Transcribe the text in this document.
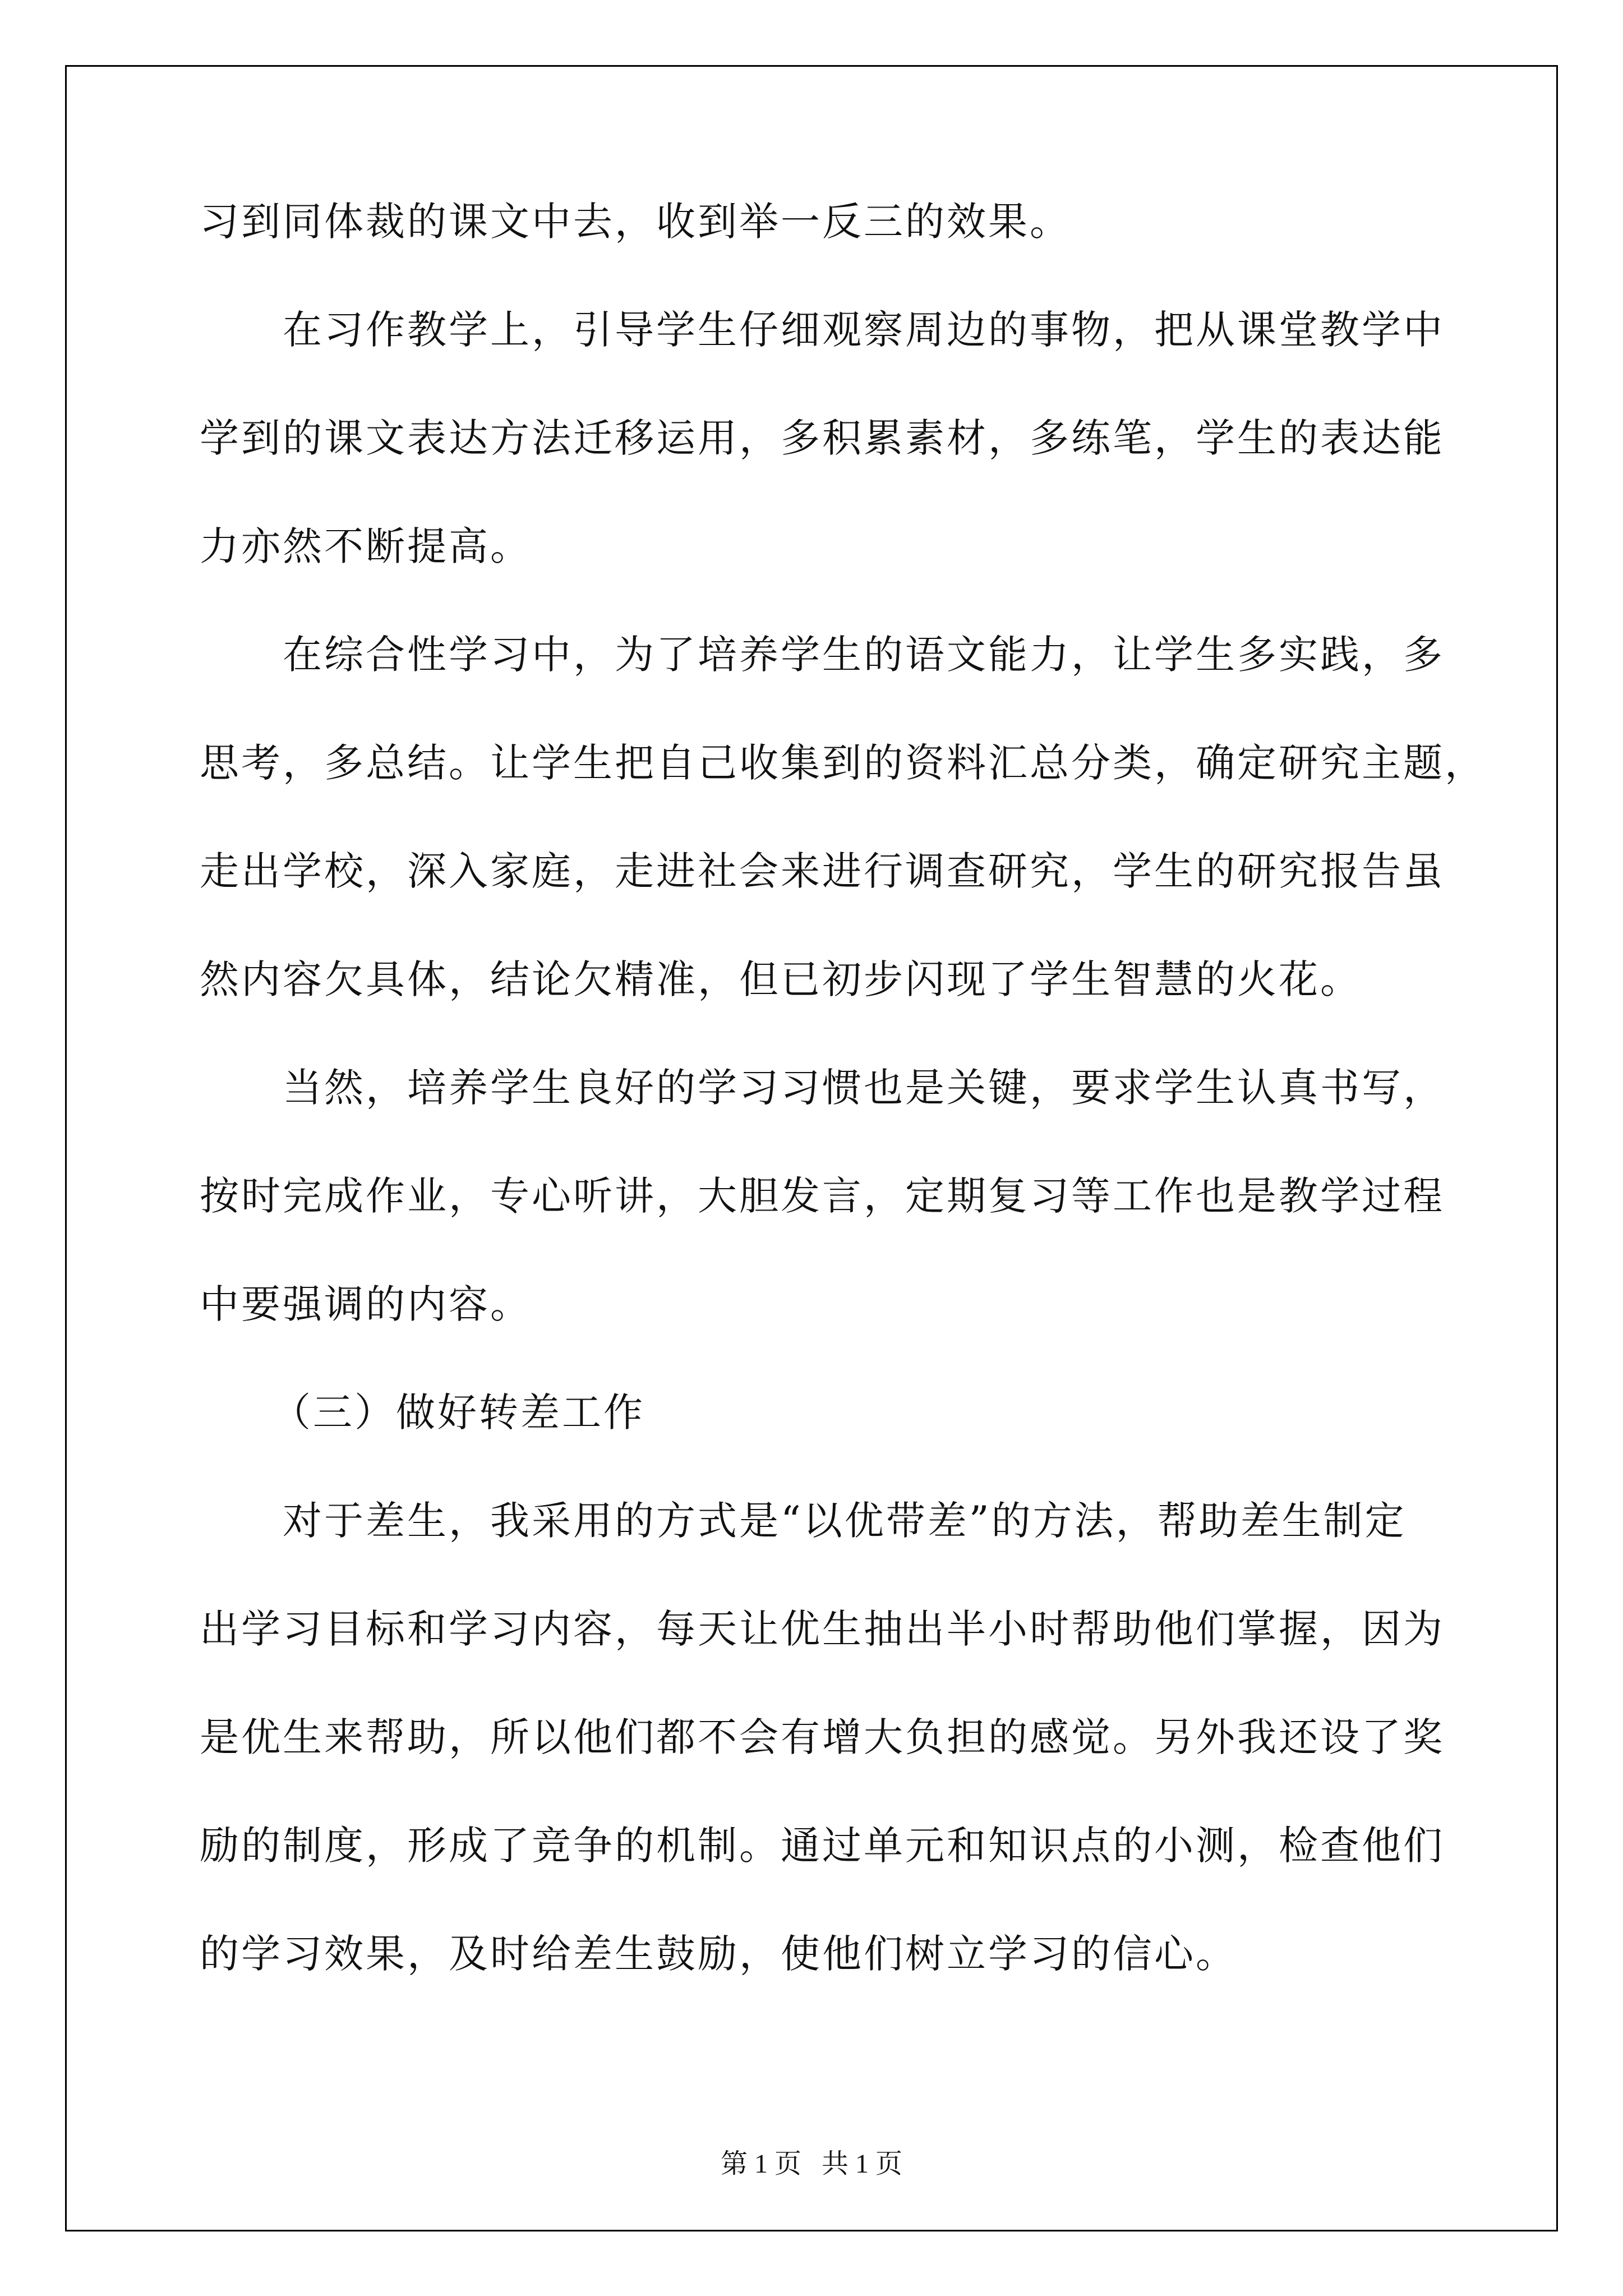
习到同体裁的课文中去，收到举一反三的效果。
在习作教学上，引导学生仔细观察周边的事物，把从课堂教学中
学到的课文表达方法迁移运用，多积累素材，多练笔，学生的表达能
力亦然不断提高。
在综合性学习中，为了培养学生的语文能力，让学生多实践，多
思考，多总结。让学生把自己收集到的资料汇总分类，确定研究主题，
走出学校，深入家庭，走进社会来进行调查研究，学生的研究报告虽
然内容欠具体，结论欠精准，但已初步闪现了学生智慧的火花。
当然，培养学生良好的学习习惯也是关键，要求学生认真书写，
按时完成作业，专心听讲，大胆发言，定期复习等工作也是教学过程
中要强调的内容。
（三）做好转差工作
对于差生，我采用的方式是“以优带差”的方法，帮助差生制定
出学习目标和学习内容，每天让优生抽出半小时帮助他们掌握，因为
是优生来帮助，所以他们都不会有增大负担的感觉。另外我还设了奖
励的制度，形成了竞争的机制。通过单元和知识点的小测，检查他们
的学习效果，及时给差生鼓励，使他们树立学习的信心。
第 1 页   共 1 页
